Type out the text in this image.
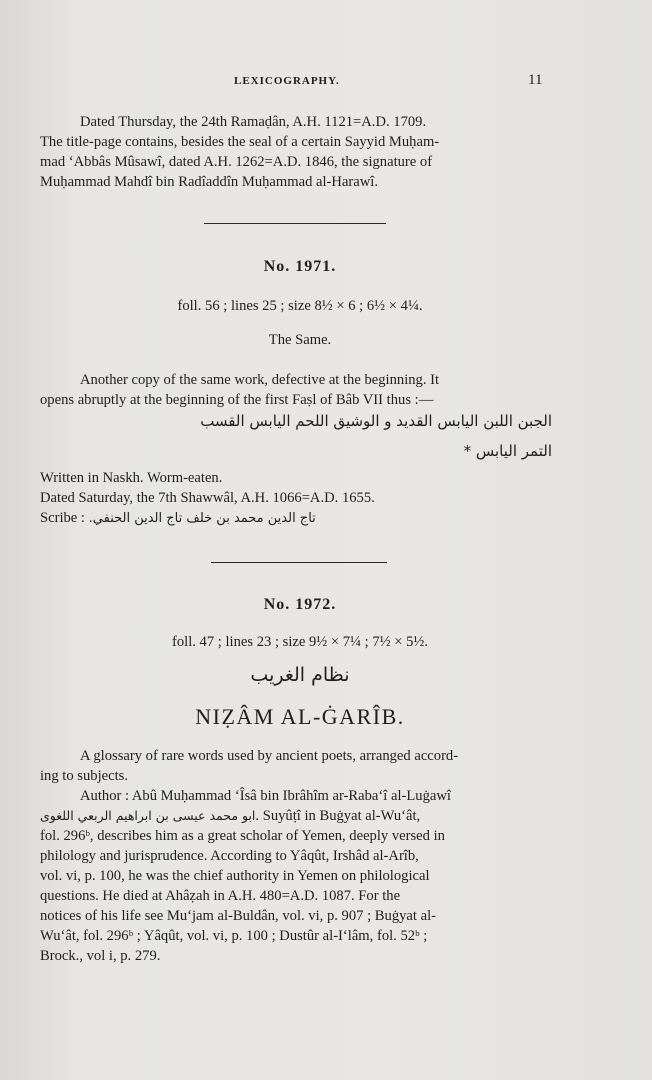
LEXICOGRAPHY.	11
Dated Thursday, the 24th Ramaḍân, A.H. 1121=A.D. 1709.
The title-page contains, besides the seal of a certain Sayyid Muḥam-
mad ‘Abbâs Mûsawî, dated A.H. 1262=A.D. 1846, the signature of
Muḥammad Mahdî bin Radîaddîn Muḥammad al-Harawî.
No. 1971.
foll. 56 ; lines 25 ; size 8½ × 6 ; 6½ × 4¼.
The Same.
Another copy of the same work, defective at the beginning. It
opens abruptly at the beginning of the first Faṣl of Bâb VII thus :—
الجبن اللبن اليابس القديد و الوشيق اللحم اليابس القسب
التمر اليابس *
Written in Naskh. Worm-eaten.
Dated Saturday, the 7th Shawwâl, A.H. 1066=A.D. 1655.
Scribe : تاج الدين محمد بن خلف تاج الدين الحنفي.
No. 1972.
foll. 47 ; lines 23 ; size 9½ × 7¼ ; 7½ × 5½.
نظام الغريب
NIẒÂM AL-ĠARÎB.
A glossary of rare words used by ancient poets, arranged accord-
ing to subjects.
Author : Abû Muḥammad ‘Îsâ bin Ibrâhîm ar-Raba‘î al-Luġawî
ابو محمد عيسى بن ابراهيم الربعي اللغوى. Suyûṭî in Buġyat al-Wu‘ât,
fol. 296ᵇ, describes him as a great scholar of Yemen, deeply versed in
philology and jurisprudence. According to Yâqût, Irshâd al-Arîb,
vol. vi, p. 100, he was the chief authority in Yemen on philological
questions. He died at Ahâẓah in A.H. 480=A.D. 1087. For the
notices of his life see Mu‘jam al-Buldân, vol. vi, p. 907 ; Buġyat al-
Wu‘ât, fol. 296ᵇ ; Yâqût, vol. vi, p. 100 ; Dustûr al-I‘lâm, fol. 52ᵇ ;
Brock., vol i, p. 279.
